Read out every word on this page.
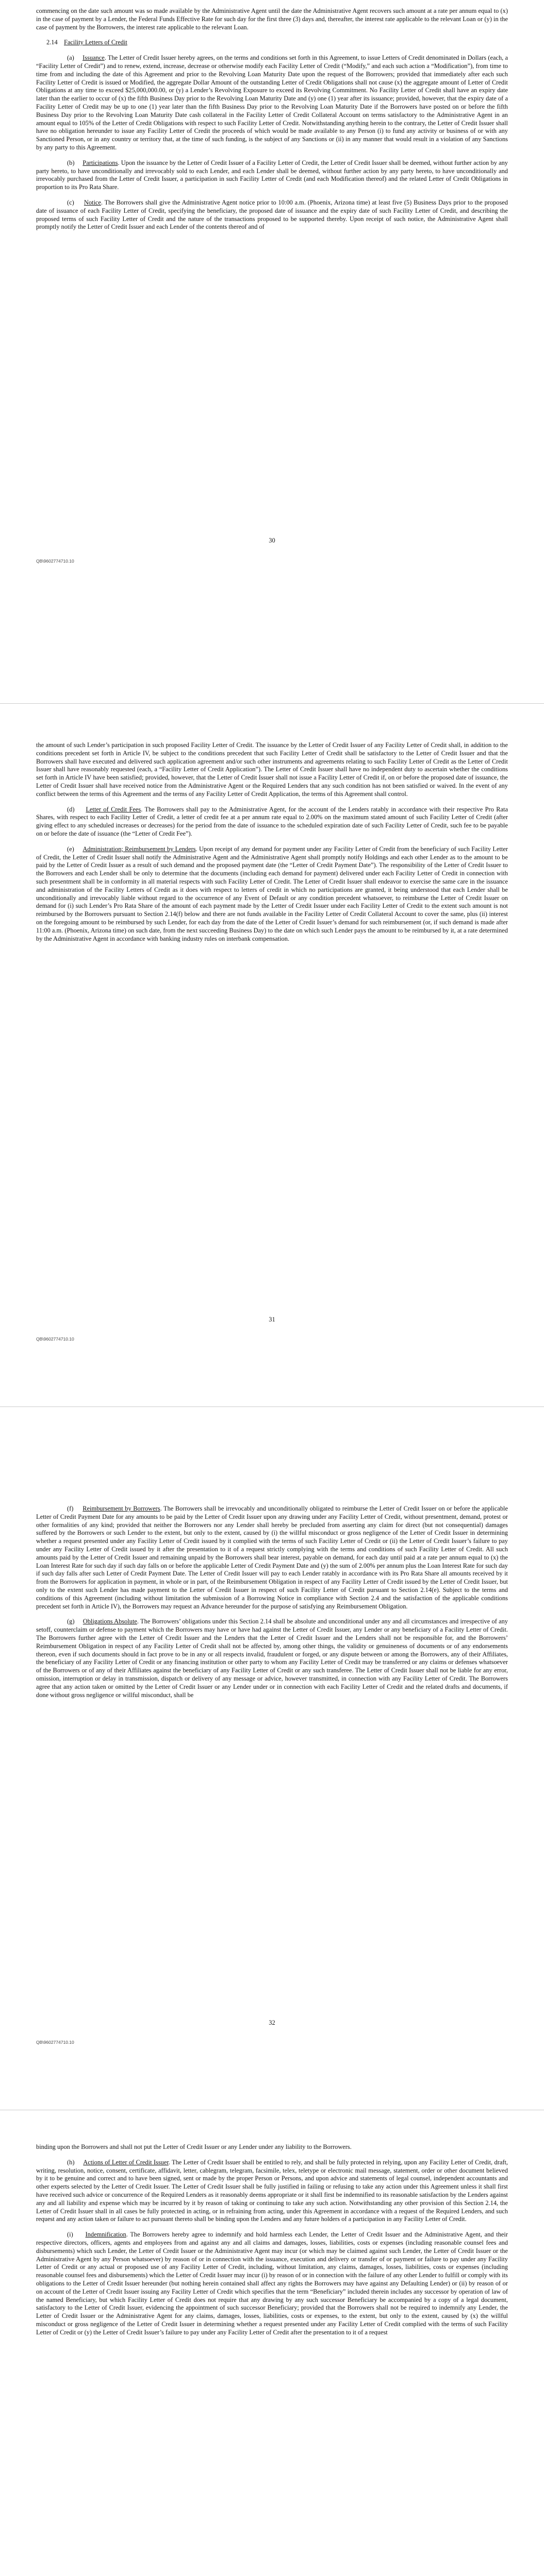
commencing on the date such amount was so made available by the Administrative Agent until the date the Administrative Agent recovers such amount at a rate per annum equal to (x) in the case of payment by a Lender, the Federal Funds Effective Rate for such day for the first three (3) days and, thereafter, the interest rate applicable to the relevant Loan or (y) in the case of payment by the Borrowers, the interest rate applicable to the relevant Loan.

2.14 Facility Letters of Credit

(a) Issuance. The Letter of Credit Issuer hereby agrees, on the terms and conditions set forth in this Agreement, to issue Letters of Credit denominated in Dollars (each, a “Facility Letter of Credit”) and to renew, extend, increase, decrease or otherwise modify each Facility Letter of Credit (“Modify,” and each such action a “Modification”), from time to time from and including the date of this Agreement and prior to the Revolving Loan Maturity Date upon the request of the Borrowers; provided that immediately after each such Facility Letter of Credit is issued or Modified, the aggregate Dollar Amount of the outstanding Letter of Credit Obligations shall not cause (x) the aggregate amount of Letter of Credit Obligations at any time to exceed $25,000,000.00, or (y) a Lender’s Revolving Exposure to exceed its Revolving Commitment. No Facility Letter of Credit shall have an expiry date later than the earlier to occur of (x) the fifth Business Day prior to the Revolving Loan Maturity Date and (y) one (1) year after its issuance; provided, however, that the expiry date of a Facility Letter of Credit may be up to one (1) year later than the fifth Business Day prior to the Revolving Loan Maturity Date if the Borrowers have posted on or before the fifth Business Day prior to the Revolving Loan Maturity Date cash collateral in the Facility Letter of Credit Collateral Account on terms satisfactory to the Administrative Agent in an amount equal to 105% of the Letter of Credit Obligations with respect to such Facility Letter of Credit. Notwithstanding anything herein to the contrary, the Letter of Credit Issuer shall have no obligation hereunder to issue any Facility Letter of Credit the proceeds of which would be made available to any Person (i) to fund any activity or business of or with any Sanctioned Person, or in any country or territory that, at the time of such funding, is the subject of any Sanctions or (ii) in any manner that would result in a violation of any Sanctions by any party to this Agreement.

(b) Participations. Upon the issuance by the Letter of Credit Issuer of a Facility Letter of Credit, the Letter of Credit Issuer shall be deemed, without further action by any party hereto, to have unconditionally and irrevocably sold to each Lender, and each Lender shall be deemed, without further action by any party hereto, to have unconditionally and irrevocably purchased from the Letter of Credit Issuer, a participation in such Facility Letter of Credit (and each Modification thereof) and the related Letter of Credit Obligations in proportion to its Pro Rata Share.

(c) Notice. The Borrowers shall give the Administrative Agent notice prior to 10:00 a.m. (Phoenix, Arizona time) at least five (5) Business Days prior to the proposed date of issuance of each Facility Letter of Credit, specifying the beneficiary, the proposed date of issuance and the expiry date of such Facility Letter of Credit, and describing the proposed terms of such Facility Letter of Credit and the nature of the transactions proposed to be supported thereby. Upon receipt of such notice, the Administrative Agent shall promptly notify the Letter of Credit Issuer and each Lender of the contents thereof and of

30
QB\9602774710.10

the amount of such Lender’s participation in such proposed Facility Letter of Credit. The issuance by the Letter of Credit Issuer of any Facility Letter of Credit shall, in addition to the conditions precedent set forth in Article IV, be subject to the conditions precedent that such Facility Letter of Credit shall be satisfactory to the Letter of Credit Issuer and that the Borrowers shall have executed and delivered such application agreement and/or such other instruments and agreements relating to such Facility Letter of Credit as the Letter of Credit Issuer shall have reasonably requested (each, a “Facility Letter of Credit Application”). The Letter of Credit Issuer shall have no independent duty to ascertain whether the conditions set forth in Article IV have been satisfied; provided, however, that the Letter of Credit Issuer shall not issue a Facility Letter of Credit if, on or before the proposed date of issuance, the Letter of Credit Issuer shall have received notice from the Administrative Agent or the Required Lenders that any such condition has not been satisfied or waived. In the event of any conflict between the terms of this Agreement and the terms of any Facility Letter of Credit Application, the terms of this Agreement shall control.

(d) Letter of Credit Fees. The Borrowers shall pay to the Administrative Agent, for the account of the Lenders ratably in accordance with their respective Pro Rata Shares, with respect to each Facility Letter of Credit, a letter of credit fee at a per annum rate equal to 2.00% on the maximum stated amount of such Facility Letter of Credit (after giving effect to any scheduled increases or decreases) for the period from the date of issuance to the scheduled expiration date of such Facility Letter of Credit, such fee to be payable on or before the date of issuance (the “Letter of Credit Fee”).

(e) Administration; Reimbursement by Lenders. Upon receipt of any demand for payment under any Facility Letter of Credit from the beneficiary of such Facility Letter of Credit, the Letter of Credit Issuer shall notify the Administrative Agent and the Administrative Agent shall promptly notify Holdings and each other Lender as to the amount to be paid by the Letter of Credit Issuer as a result of such demand and the proposed payment date (the “Letter of Credit Payment Date”). The responsibility of the Letter of Credit Issuer to the Borrowers and each Lender shall be only to determine that the documents (including each demand for payment) delivered under each Facility Letter of Credit in connection with such presentment shall be in conformity in all material respects with such Facility Letter of Credit. The Letter of Credit Issuer shall endeavor to exercise the same care in the issuance and administration of the Facility Letters of Credit as it does with respect to letters of credit in which no participations are granted, it being understood that each Lender shall be unconditionally and irrevocably liable without regard to the occurrence of any Event of Default or any condition precedent whatsoever, to reimburse the Letter of Credit Issuer on demand for (i) such Lender’s Pro Rata Share of the amount of each payment made by the Letter of Credit Issuer under each Facility Letter of Credit to the extent such amount is not reimbursed by the Borrowers pursuant to Section 2.14(f) below and there are not funds available in the Facility Letter of Credit Collateral Account to cover the same, plus (ii) interest on the foregoing amount to be reimbursed by such Lender, for each day from the date of the Letter of Credit Issuer’s demand for such reimbursement (or, if such demand is made after 11:00 a.m. (Phoenix, Arizona time) on such date, from the next succeeding Business Day) to the date on which such Lender pays the amount to be reimbursed by it, at a rate determined by the Administrative Agent in accordance with banking industry rules on interbank compensation.

31
QB\9602774710.10

(f) Reimbursement by Borrowers. The Borrowers shall be irrevocably and unconditionally obligated to reimburse the Letter of Credit Issuer on or before the applicable Letter of Credit Payment Date for any amounts to be paid by the Letter of Credit Issuer upon any drawing under any Facility Letter of Credit, without presentment, demand, protest or other formalities of any kind; provided that neither the Borrowers nor any Lender shall hereby be precluded from asserting any claim for direct (but not consequential) damages suffered by the Borrowers or such Lender to the extent, but only to the extent, caused by (i) the willful misconduct or gross negligence of the Letter of Credit Issuer in determining whether a request presented under any Facility Letter of Credit issued by it complied with the terms of such Facility Letter of Credit or (ii) the Letter of Credit Issuer’s failure to pay under any Facility Letter of Credit issued by it after the presentation to it of a request strictly complying with the terms and conditions of such Facility Letter of Credit. All such amounts paid by the Letter of Credit Issuer and remaining unpaid by the Borrowers shall bear interest, payable on demand, for each day until paid at a rate per annum equal to (x) the Loan Interest Rate for such day if such day falls on or before the applicable Letter of Credit Payment Date and (y) the sum of 2.00% per annum plus the Loan Interest Rate for such day if such day falls after such Letter of Credit Payment Date. The Letter of Credit Issuer will pay to each Lender ratably in accordance with its Pro Rata Share all amounts received by it from the Borrowers for application in payment, in whole or in part, of the Reimbursement Obligation in respect of any Facility Letter of Credit issued by the Letter of Credit Issuer, but only to the extent such Lender has made payment to the Letter of Credit Issuer in respect of such Facility Letter of Credit pursuant to Section 2.14(e). Subject to the terms and conditions of this Agreement (including without limitation the submission of a Borrowing Notice in compliance with Section 2.4 and the satisfaction of the applicable conditions precedent set forth in Article IV), the Borrowers may request an Advance hereunder for the purpose of satisfying any Reimbursement Obligation.

(g) Obligations Absolute. The Borrowers’ obligations under this Section 2.14 shall be absolute and unconditional under any and all circumstances and irrespective of any setoff, counterclaim or defense to payment which the Borrowers may have or have had against the Letter of Credit Issuer, any Lender or any beneficiary of a Facility Letter of Credit. The Borrowers further agree with the Letter of Credit Issuer and the Lenders that the Letter of Credit Issuer and the Lenders shall not be responsible for, and the Borrowers’ Reimbursement Obligation in respect of any Facility Letter of Credit shall not be affected by, among other things, the validity or genuineness of documents or of any endorsements thereon, even if such documents should in fact prove to be in any or all respects invalid, fraudulent or forged, or any dispute between or among the Borrowers, any of their Affiliates, the beneficiary of any Facility Letter of Credit or any financing institution or other party to whom any Facility Letter of Credit may be transferred or any claims or defenses whatsoever of the Borrowers or of any of their Affiliates against the beneficiary of any Facility Letter of Credit or any such transferee. The Letter of Credit Issuer shall not be liable for any error, omission, interruption or delay in transmission, dispatch or delivery of any message or advice, however transmitted, in connection with any Facility Letter of Credit. The Borrowers agree that any action taken or omitted by the Letter of Credit Issuer or any Lender under or in connection with each Facility Letter of Credit and the related drafts and documents, if done without gross negligence or willful misconduct, shall be

32
QB\9602774710.10

binding upon the Borrowers and shall not put the Letter of Credit Issuer or any Lender under any liability to the Borrowers.

(h) Actions of Letter of Credit Issuer. The Letter of Credit Issuer shall be entitled to rely, and shall be fully protected in relying, upon any Facility Letter of Credit, draft, writing, resolution, notice, consent, certificate, affidavit, letter, cablegram, telegram, facsimile, telex, teletype or electronic mail message, statement, order or other document believed by it to be genuine and correct and to have been signed, sent or made by the proper Person or Persons, and upon advice and statements of legal counsel, independent accountants and other experts selected by the Letter of Credit Issuer. The Letter of Credit Issuer shall be fully justified in failing or refusing to take any action under this Agreement unless it shall first have received such advice or concurrence of the Required Lenders as it reasonably deems appropriate or it shall first be indemnified to its reasonable satisfaction by the Lenders against any and all liability and expense which may be incurred by it by reason of taking or continuing to take any such action. Notwithstanding any other provision of this Section 2.14, the Letter of Credit Issuer shall in all cases be fully protected in acting, or in refraining from acting, under this Agreement in accordance with a request of the Required Lenders, and such request and any action taken or failure to act pursuant thereto shall be binding upon the Lenders and any future holders of a participation in any Facility Letter of Credit.

(i) Indemnification. The Borrowers hereby agree to indemnify and hold harmless each Lender, the Letter of Credit Issuer and the Administrative Agent, and their respective directors, officers, agents and employees from and against any and all claims and damages, losses, liabilities, costs or expenses (including reasonable counsel fees and disbursements) which such Lender, the Letter of Credit Issuer or the Administrative Agent may incur (or which may be claimed against such Lender, the Letter of Credit Issuer or the Administrative Agent by any Person whatsoever) by reason of or in connection with the issuance, execution and delivery or transfer of or payment or failure to pay under any Facility Letter of Credit or any actual or proposed use of any Facility Letter of Credit, including, without limitation, any claims, damages, losses, liabilities, costs or expenses (including reasonable counsel fees and disbursements) which the Letter of Credit Issuer may incur (i) by reason of or in connection with the failure of any other Lender to fulfill or comply with its obligations to the Letter of Credit Issuer hereunder (but nothing herein contained shall affect any rights the Borrowers may have against any Defaulting Lender) or (ii) by reason of or on account of the Letter of Credit Issuer issuing any Facility Letter of Credit which specifies that the term “Beneficiary” included therein includes any successor by operation of law of the named Beneficiary, but which Facility Letter of Credit does not require that any drawing by any such successor Beneficiary be accompanied by a copy of a legal document, satisfactory to the Letter of Credit Issuer, evidencing the appointment of such successor Beneficiary; provided that the Borrowers shall not be required to indemnify any Lender, the Letter of Credit Issuer or the Administrative Agent for any claims, damages, losses, liabilities, costs or expenses, to the extent, but only to the extent, caused by (x) the willful misconduct or gross negligence of the Letter of Credit Issuer in determining whether a request presented under any Facility Letter of Credit complied with the terms of such Facility Letter of Credit or (y) the Letter of Credit Issuer’s failure to pay under any Facility Letter of Credit after the presentation to it of a request
